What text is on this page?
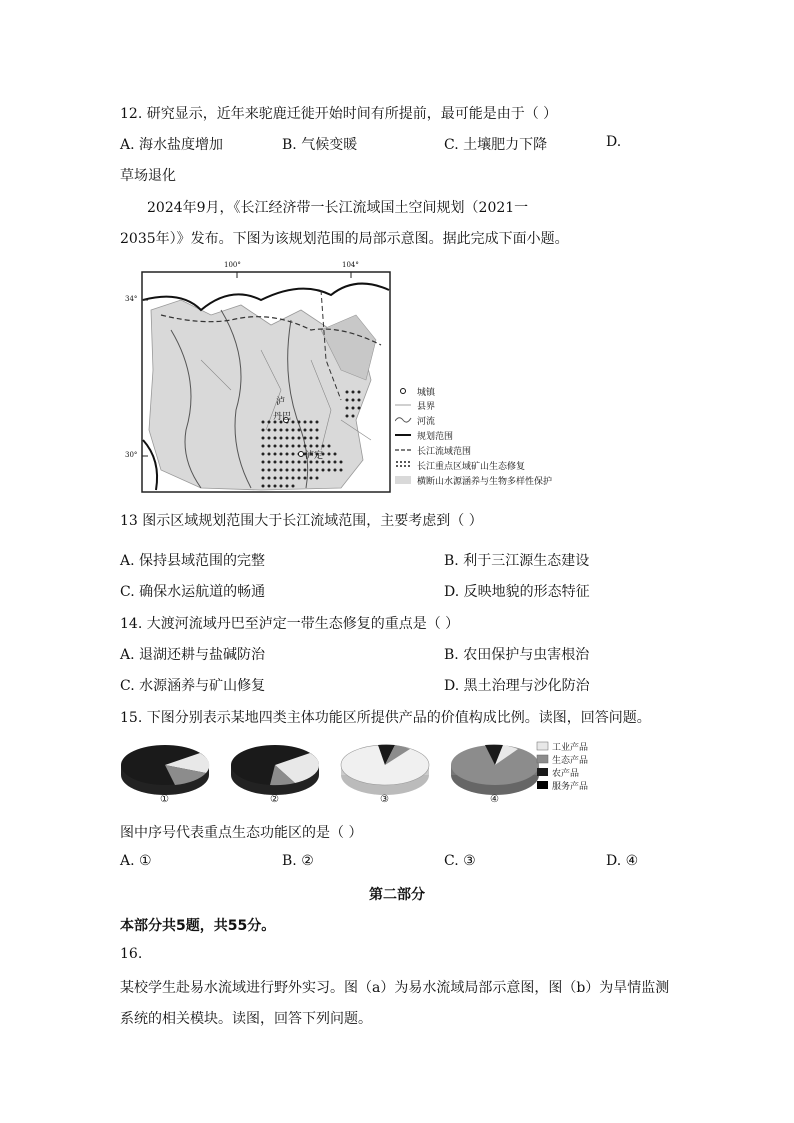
12. 研究显示，近年来驼鹿迁徙开始时间有所提前，最可能是由于（ ）
A. 海水盐度增加	B. 气候变暖	C. 土壤肥力下降	D.
草场退化
2024年9月，《长江经济带一长江流域国土空间规划（2021一
2035年）》发布。下图为该规划范围的局部示意图。据此完成下面小题。
100°	104°
34°
30°
泸
丹巴
泸定
城镇
县界
河流
规划范围
长江流域范围
长江重点区域矿山生态修复
横断山水源涵养与生物多样性保护
13 图示区域规划范围大于长江流域范围，主要考虑到（ ）
A. 保持县域范围的完整	B. 利于三江源生态建设
C. 确保水运航道的畅通	D. 反映地貌的形态特征
14. 大渡河流域丹巴至泸定一带生态修复的重点是（ ）
A. 退湖还耕与盐碱防治	B. 农田保护与虫害根治
C. 水源涵养与矿山修复	D. 黑土治理与沙化防治
15. 下图分别表示某地四类主体功能区所提供产品的价值构成比例。读图，回答问题。
①	②	③	④
工业产品
生态产品
农产品
服务产品
图中序号代表重点生态功能区的是（ ）
A. ①	B. ②	C. ③	D. ④
第二部分
本部分共5题，共55分。
16.
某校学生赴易水流域进行野外实习。图（a）为易水流域局部示意图，图（b）为旱情监测
系统的相关模块。读图，回答下列问题。
